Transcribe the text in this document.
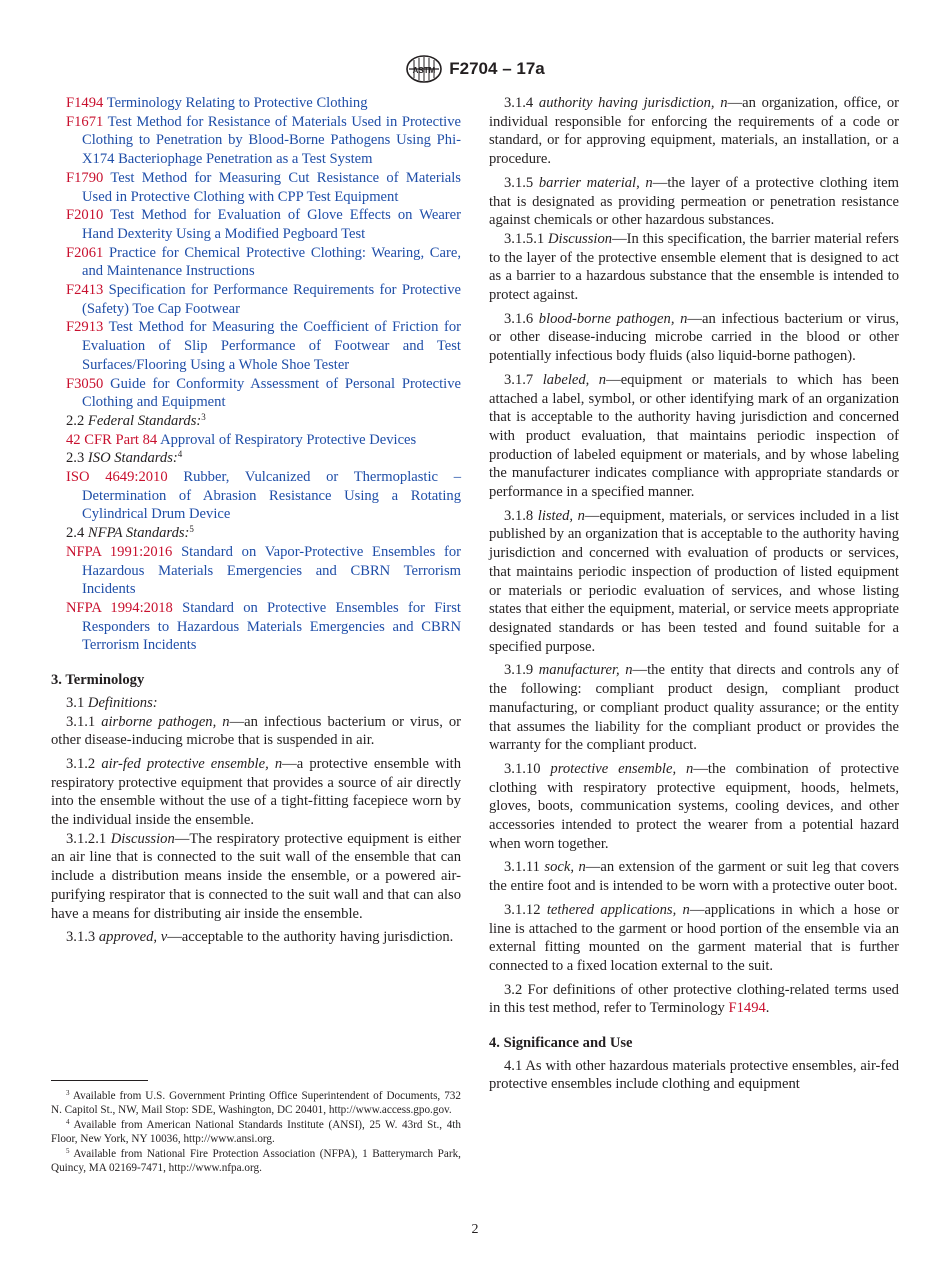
ASTM F2704 – 17a

F1494 Terminology Relating to Protective Clothing

F1671 Test Method for Resistance of Materials Used in Protective Clothing to Penetration by Blood-Borne Pathogens Using Phi-X174 Bacteriophage Penetration as a Test System

F1790 Test Method for Measuring Cut Resistance of Materials Used in Protective Clothing with CPP Test Equipment

F2010 Test Method for Evaluation of Glove Effects on Wearer Hand Dexterity Using a Modified Pegboard Test

F2061 Practice for Chemical Protective Clothing: Wearing, Care, and Maintenance Instructions

F2413 Specification for Performance Requirements for Protective (Safety) Toe Cap Footwear

F2913 Test Method for Measuring the Coefficient of Friction for Evaluation of Slip Performance of Footwear and Test Surfaces/Flooring Using a Whole Shoe Tester

F3050 Guide for Conformity Assessment of Personal Protective Clothing and Equipment

2.2 Federal Standards:$^3$

42 CFR Part 84 Approval of Respiratory Protective Devices

2.3 ISO Standards:$^4$

ISO 4649:2010 Rubber, Vulcanized or Thermoplastic – Determination of Abrasion Resistance Using a Rotating Cylindrical Drum Device

2.4 NFPA Standards:$^5$

NFPA 1991:2016 Standard on Vapor-Protective Ensembles for Hazardous Materials Emergencies and CBRN Terrorism Incidents

NFPA 1994:2018 Standard on Protective Ensembles for First Responders to Hazardous Materials Emergencies and CBRN Terrorism Incidents

3. Terminology

3.1 Definitions:

3.1.1 airborne pathogen, n—an infectious bacterium or virus, or other disease-inducing microbe that is suspended in air.

3.1.2 air-fed protective ensemble, n—a protective ensemble with respiratory protective equipment that provides a source of air directly into the ensemble without the use of a tight-fitting facepiece worn by the individual inside the ensemble.

3.1.2.1 Discussion—The respiratory protective equipment is either an air line that is connected to the suit wall of the ensemble that can include a distribution means inside the ensemble, or a powered air-purifying respirator that is connected to the suit wall and that can also have a means for distributing air inside the ensemble.

3.1.3 approved, v—acceptable to the authority having jurisdiction.

3.1.4 authority having jurisdiction, n—an organization, office, or individual responsible for enforcing the requirements of a code or standard, or for approving equipment, materials, an installation, or a procedure.

3.1.5 barrier material, n—the layer of a protective clothing item that is designated as providing permeation or penetration resistance against chemicals or other hazardous substances.

3.1.5.1 Discussion—In this specification, the barrier material refers to the layer of the protective ensemble element that is designed to act as a barrier to a hazardous substance that the ensemble is intended to protect against.

3.1.6 blood-borne pathogen, n—an infectious bacterium or virus, or other disease-inducing microbe carried in the blood or other potentially infectious body fluids (also liquid-borne pathogen).

3.1.7 labeled, n—equipment or materials to which has been attached a label, symbol, or other identifying mark of an organization that is acceptable to the authority having jurisdiction and concerned with product evaluation, that maintains periodic inspection of production of labeled equipment or materials, and by whose labeling the manufacturer indicates compliance with appropriate standards or performance in a specified manner.

3.1.8 listed, n—equipment, materials, or services included in a list published by an organization that is acceptable to the authority having jurisdiction and concerned with evaluation of products or services, that maintains periodic inspection of production of listed equipment or materials or periodic evaluation of services, and whose listing states that either the equipment, material, or service meets appropriate designated standards or has been tested and found suitable for a specified purpose.

3.1.9 manufacturer, n—the entity that directs and controls any of the following: compliant product design, compliant product manufacturing, or compliant product quality assurance; or the entity that assumes the liability for the compliant product or provides the warranty for the compliant product.

3.1.10 protective ensemble, n—the combination of protective clothing with respiratory protective equipment, hoods, helmets, gloves, boots, communication systems, cooling devices, and other accessories intended to protect the wearer from a potential hazard when worn together.

3.1.11 sock, n—an extension of the garment or suit leg that covers the entire foot and is intended to be worn with a protective outer boot.

3.1.12 tethered applications, n—applications in which a hose or line is attached to the garment or hood portion of the ensemble via an external fitting mounted on the garment material that is further connected to a fixed location external to the suit.

3.2 For definitions of other protective clothing-related terms used in this test method, refer to Terminology F1494.

4. Significance and Use

4.1 As with other hazardous materials protective ensembles, air-fed protective ensembles include clothing and equipment

$^3$ Available from U.S. Government Printing Office Superintendent of Documents, 732 N. Capitol St., NW, Mail Stop: SDE, Washington, DC 20401, http://www.access.gpo.gov.

$^4$ Available from American National Standards Institute (ANSI), 25 W. 43rd St., 4th Floor, New York, NY 10036, http://www.ansi.org.

$^5$ Available from National Fire Protection Association (NFPA), 1 Batterymarch Park, Quincy, MA 02169-7471, http://www.nfpa.org.

2
